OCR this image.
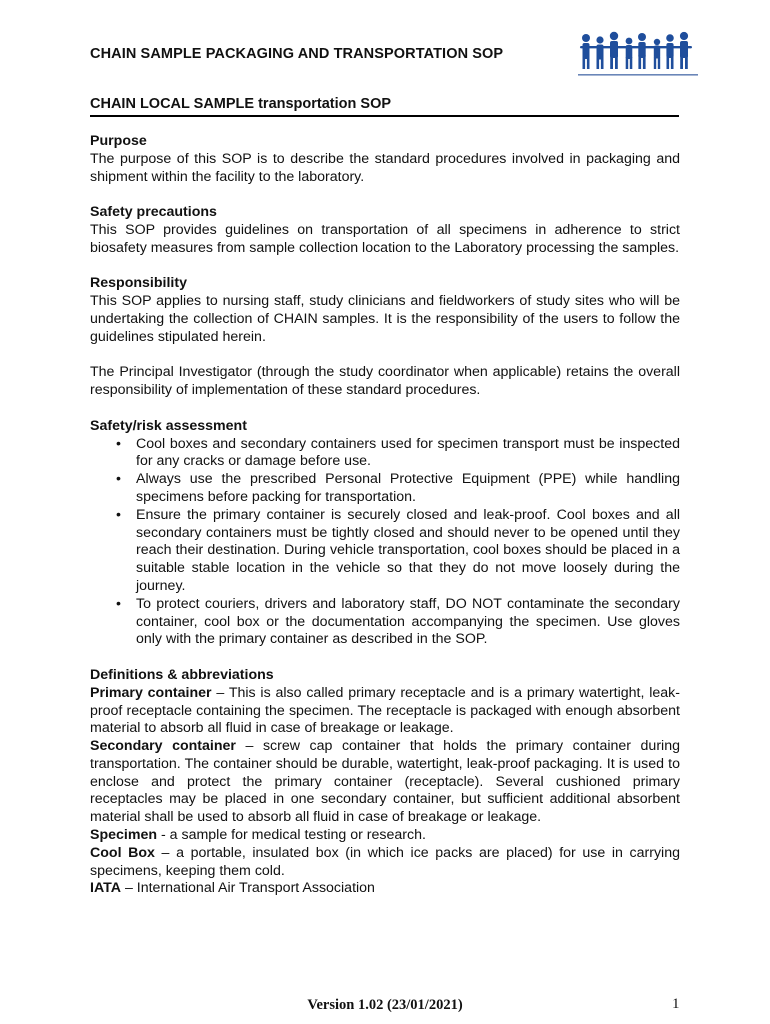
CHAIN SAMPLE PACKAGING AND TRANSPORTATION SOP
CHAIN LOCAL SAMPLE transportation SOP
Purpose

The purpose of this SOP is to describe the standard procedures involved in packaging and shipment within the facility to the laboratory.

Safety precautions

This SOP provides guidelines on transportation of all specimens in adherence to strict biosafety measures from sample collection location to the Laboratory processing the samples.

Responsibility

This SOP applies to nursing staff, study clinicians and fieldworkers of study sites who will be undertaking the collection of CHAIN samples. It is the responsibility of the users to follow the guidelines stipulated herein.

The Principal Investigator (through the study coordinator when applicable) retains the overall responsibility of implementation of these standard procedures.

Safety/risk assessment
• Cool boxes and secondary containers used for specimen transport must be inspected for any cracks or damage before use.
• Always use the prescribed Personal Protective Equipment (PPE) while handling specimens before packing for transportation.
• Ensure the primary container is securely closed and leak-proof. Cool boxes and all secondary containers must be tightly closed and should never to be opened until they reach their destination. During vehicle transportation, cool boxes should be placed in a suitable stable location in the vehicle so that they do not move loosely during the journey.
• To protect couriers, drivers and laboratory staff, DO NOT contaminate the secondary container, cool box or the documentation accompanying the specimen. Use gloves only with the primary container as described in the SOP.
Definitions & abbreviations

Primary container – This is also called primary receptacle and is a primary watertight, leak-proof receptacle containing the specimen. The receptacle is packaged with enough absorbent material to absorb all fluid in case of breakage or leakage.

Secondary container – screw cap container that holds the primary container during transportation. The container should be durable, watertight, leak-proof packaging. It is used to enclose and protect the primary container (receptacle). Several cushioned primary receptacles may be placed in one secondary container, but sufficient additional absorbent material shall be used to absorb all fluid in case of breakage or leakage.

Specimen - a sample for medical testing or research.

Cool Box – a portable, insulated box (in which ice packs are placed) for use in carrying specimens, keeping them cold.

IATA – International Air Transport Association

Version 1.02 (23/01/2021)	1
